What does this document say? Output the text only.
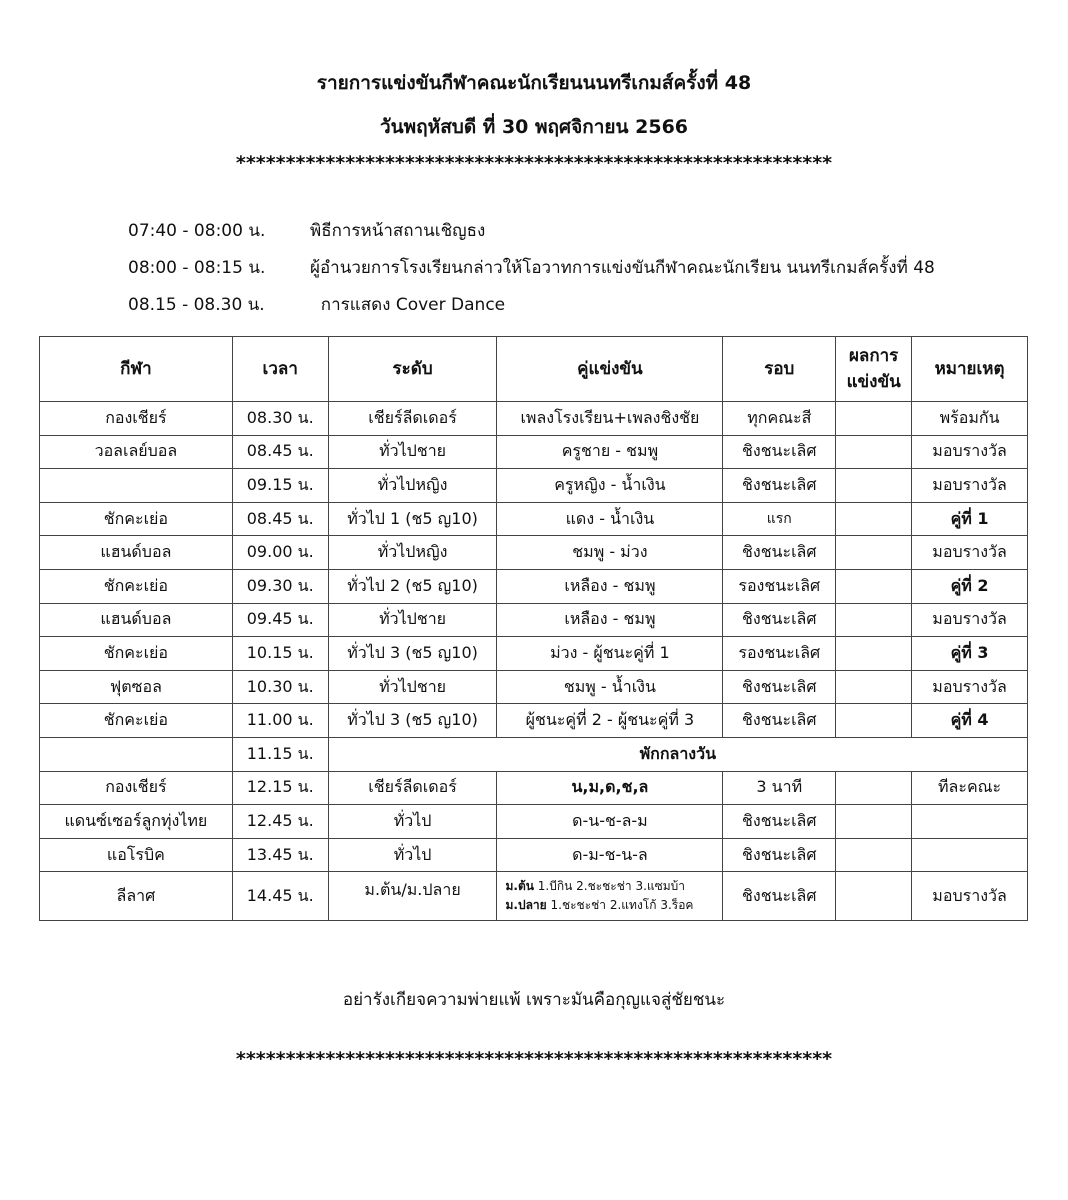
รายการแข่งขันกีฬาคณะนักเรียนนนทรีเกมส์ครั้งที่ 48
วันพฤหัสบดี ที่ 30 พฤศจิกายน 2566
************************************************************
07:40 - 08:00 น.	พิธีการหน้าสถานเชิญธง
08:00 - 08:15 น.	ผู้อำนวยการโรงเรียนกล่าวให้โอวาทการแข่งขันกีฬาคณะนักเรียน นนทรีเกมส์ครั้งที่ 48
08.15 - 08.30 น.	การแสดง Cover Dance
กีฬา	เวลา	ระดับ	คู่แข่งขัน	รอบ	ผลการแข่งขัน	หมายเหตุ
กองเชียร์	08.30 น.	เชียร์ลีดเดอร์	เพลงโรงเรียน+เพลงชิงชัย	ทุกคณะสี		พร้อมกัน
วอลเลย์บอล	08.45 น.	ทั่วไปชาย	ครูชาย - ชมพู	ชิงชนะเลิศ		มอบรางวัล
	09.15 น.	ทั่วไปหญิง	ครูหญิง - น้ำเงิน	ชิงชนะเลิศ		มอบรางวัล
ชักคะเย่อ	08.45 น.	ทั่วไป 1 (ช5 ญ10)	แดง - น้ำเงิน	แรก		คู่ที่ 1
แฮนด์บอล	09.00 น.	ทั่วไปหญิง	ชมพู - ม่วง	ชิงชนะเลิศ		มอบรางวัล
ชักคะเย่อ	09.30 น.	ทั่วไป 2 (ช5 ญ10)	เหลือง - ชมพู	รองชนะเลิศ		คู่ที่ 2
แฮนด์บอล	09.45 น.	ทั่วไปชาย	เหลือง - ชมพู	ชิงชนะเลิศ		มอบรางวัล
ชักคะเย่อ	10.15 น.	ทั่วไป 3 (ช5 ญ10)	ม่วง - ผู้ชนะคู่ที่ 1	รองชนะเลิศ		คู่ที่ 3
ฟุตซอล	10.30 น.	ทั่วไปชาย	ชมพู - น้ำเงิน	ชิงชนะเลิศ		มอบรางวัล
ชักคะเย่อ	11.00 น.	ทั่วไป 3 (ช5 ญ10)	ผู้ชนะคู่ที่ 2 - ผู้ชนะคู่ที่ 3	ชิงชนะเลิศ		คู่ที่ 4
	11.15 น.	พักกลางวัน				
กองเชียร์	12.15 น.	เชียร์ลีดเดอร์	น,ม,ด,ช,ล	3 นาที		ทีละคณะ
แดนซ์เซอร์ลูกทุ่งไทย	12.45 น.	ทั่วไป	ด-น-ช-ล-ม	ชิงชนะเลิศ		
แอโรบิค	13.45 น.	ทั่วไป	ด-ม-ช-น-ล	ชิงชนะเลิศ		
ลีลาศ	14.45 น.	ม.ต้น/ม.ปลาย	ม.ต้น 1.บีกิน 2.ชะชะช่า 3.แซมบ้า
ม.ปลาย 1.ชะชะช่า 2.แทงโก้ 3.ร็อค	ชิงชนะเลิศ		มอบรางวัล
อย่ารังเกียจความพ่ายแพ้ เพราะมันคือกุญแจสู่ชัยชนะ
************************************************************
